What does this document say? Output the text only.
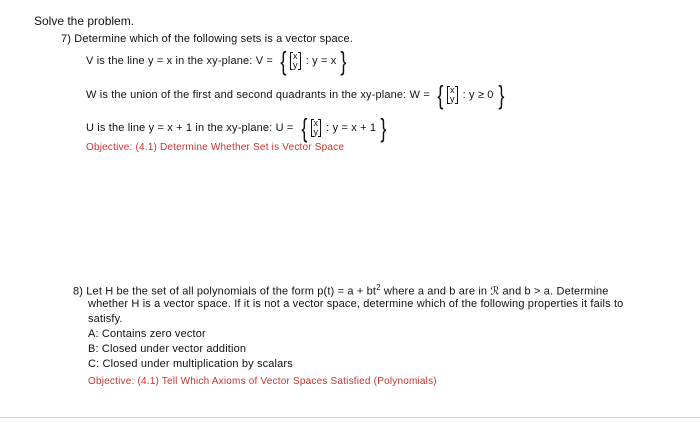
Solve the problem.
7) Determine which of the following sets is a vector space.
V is the line y = x in the xy-plane: V = { x
y : y = x }
W is the union of the first and second quadrants in the xy-plane: W = { x
y : y ≥ 0 }
U is the line y = x + 1 in the xy-plane: U = { x
y : y = x + 1 }
Objective: (4.1) Determine Whether Set is Vector Space
8) Let H be the set of all polynomials of the form $p(t) = a + bt^2$ where a and b are in ℛ and b > a. Determine
whether H is a vector space. If it is not a vector space, determine which of the following properties it fails to
satisfy.
A: Contains zero vector
B: Closed under vector addition
C: Closed under multiplication by scalars
Objective: (4.1) Tell Which Axioms of Vector Spaces Satisfied (Polynomials)
